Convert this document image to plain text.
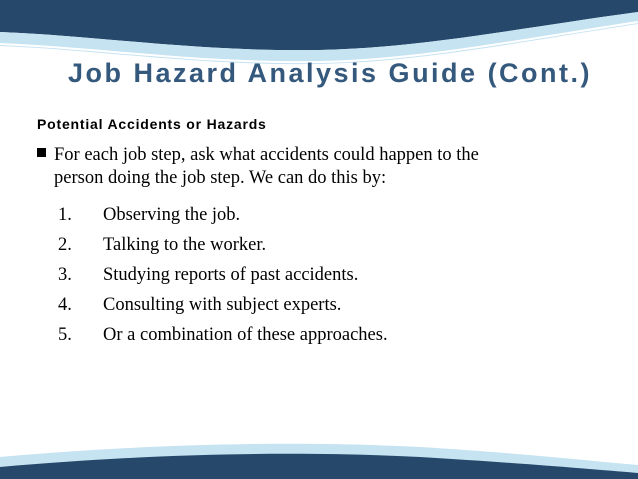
Job Hazard Analysis Guide (Cont.)
Potential Accidents or Hazards
For each job step, ask what accidents could happen to the
person doing the job step. We can do this by:
1. Observing the job.
2. Talking to the worker.
3. Studying reports of past accidents.
4. Consulting with subject experts.
5. Or a combination of these approaches.
